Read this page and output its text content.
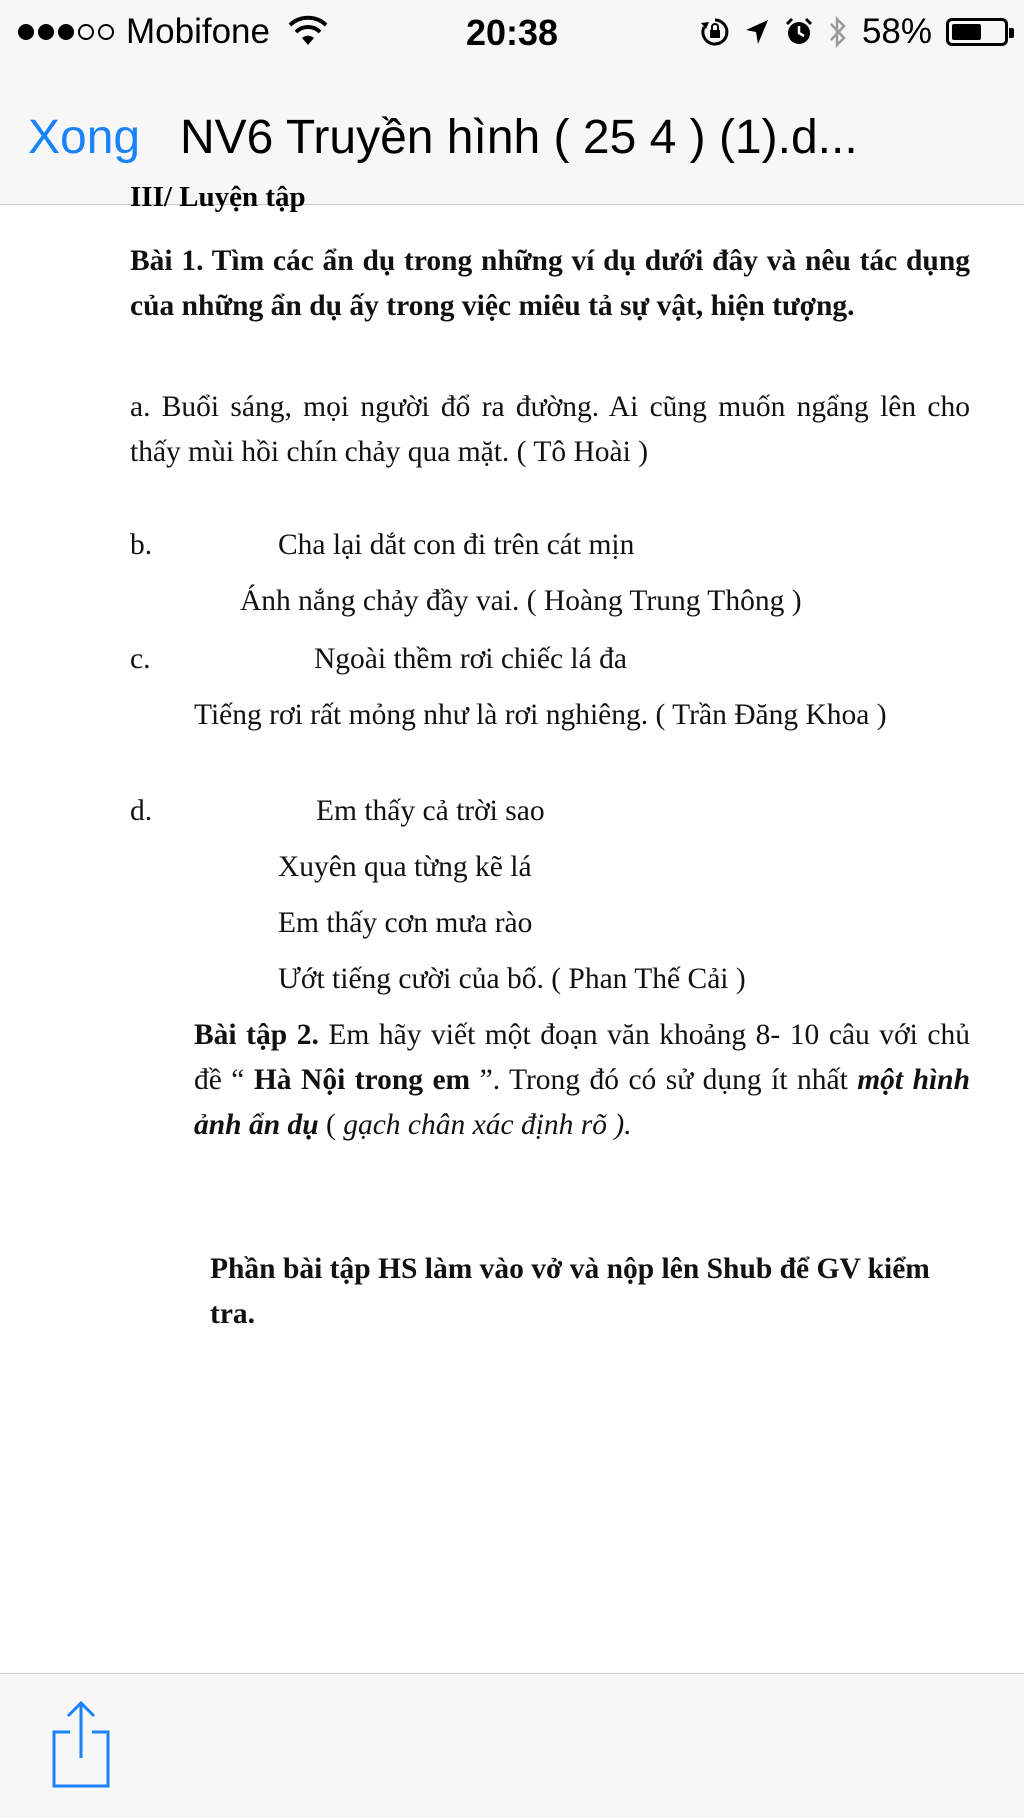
Mobifone	20:38	58%
Xong NV6 Truyền hình ( 25 4 ) (1).d...
III/ Luyện tập

Bài 1. Tìm các ẩn dụ trong những ví dụ dưới đây và nêu tác dụng của những ẩn dụ ấy trong việc miêu tả sự vật, hiện tượng.

a. Buổi sáng, mọi người đổ ra đường. Ai cũng muốn ngẩng lên cho thấy mùi hồi chín chảy qua mặt. ( Tô Hoài )

b.	Cha lại dắt con đi trên cát mịn
Ánh nắng chảy đầy vai. ( Hoàng Trung Thông )
c.	Ngoài thềm rơi chiếc lá đa

Tiếng rơi rất mỏng như là rơi nghiêng. ( Trần Đăng Khoa )

d.	Em thấy cả trời sao
Xuyên qua từng kẽ lá
Em thấy cơn mưa rào
Ướt tiếng cười của bố. ( Phan Thế Cải )

Bài tập 2. Em hãy viết một đoạn văn khoảng 8- 10 câu với chủ đề “ Hà Nội trong em ”. Trong đó có sử dụng ít nhất một hình ảnh ẩn dụ ( gạch chân xác định rõ ).

Phần bài tập HS làm vào vở và nộp lên Shub để GV kiểm tra.
